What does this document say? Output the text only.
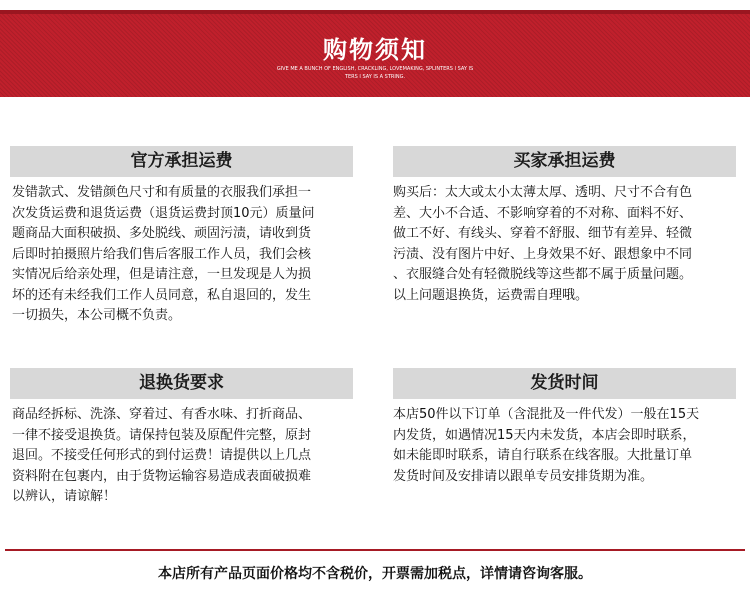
购物须知
GIVE ME A BUNCH OF ENGLISH, CRACKLING, LOVEMAKING, SPLINTERS I SAY IS
TERS I SAY IS A STRING.
官方承担运费
发错款式、发错颜色尺寸和有质量的衣服我们承担一
次发货运费和退货运费（退货运费封顶10元）质量问
题商品大面积破损、多处脱线、顽固污渍，请收到货
后即时拍摄照片给我们售后客服工作人员，我们会核
实情况后给亲处理，但是请注意，一旦发现是人为损
坏的还有未经我们工作人员同意，私自退回的，发生
一切损失，本公司概不负责。
买家承担运费
购买后：太大或太小太薄太厚、透明、尺寸不合有色
差、大小不合适、不影响穿着的不对称、面料不好、
做工不好、有线头、穿着不舒服、细节有差异、轻微
污渍、没有图片中好、上身效果不好、跟想象中不同
、衣服缝合处有轻微脱线等这些都不属于质量问题。
以上问题退换货，运费需自理哦。
退换货要求
商品经拆标、洗涤、穿着过、有香水味、打折商品、
一律不接受退换货。请保持包装及原配件完整，原封
退回。不接受任何形式的到付运费！请提供以上几点
资料附在包裹内，由于货物运输容易造成表面破损难
以辨认，请谅解！
发货时间
本店50件以下订单（含混批及一件代发）一般在15天
内发货，如遇情况15天内未发货，本店会即时联系，
如未能即时联系，请自行联系在线客服。大批量订单
发货时间及安排请以跟单专员安排货期为准。
本店所有产品页面价格均不含税价，开票需加税点，详情请咨询客服。
